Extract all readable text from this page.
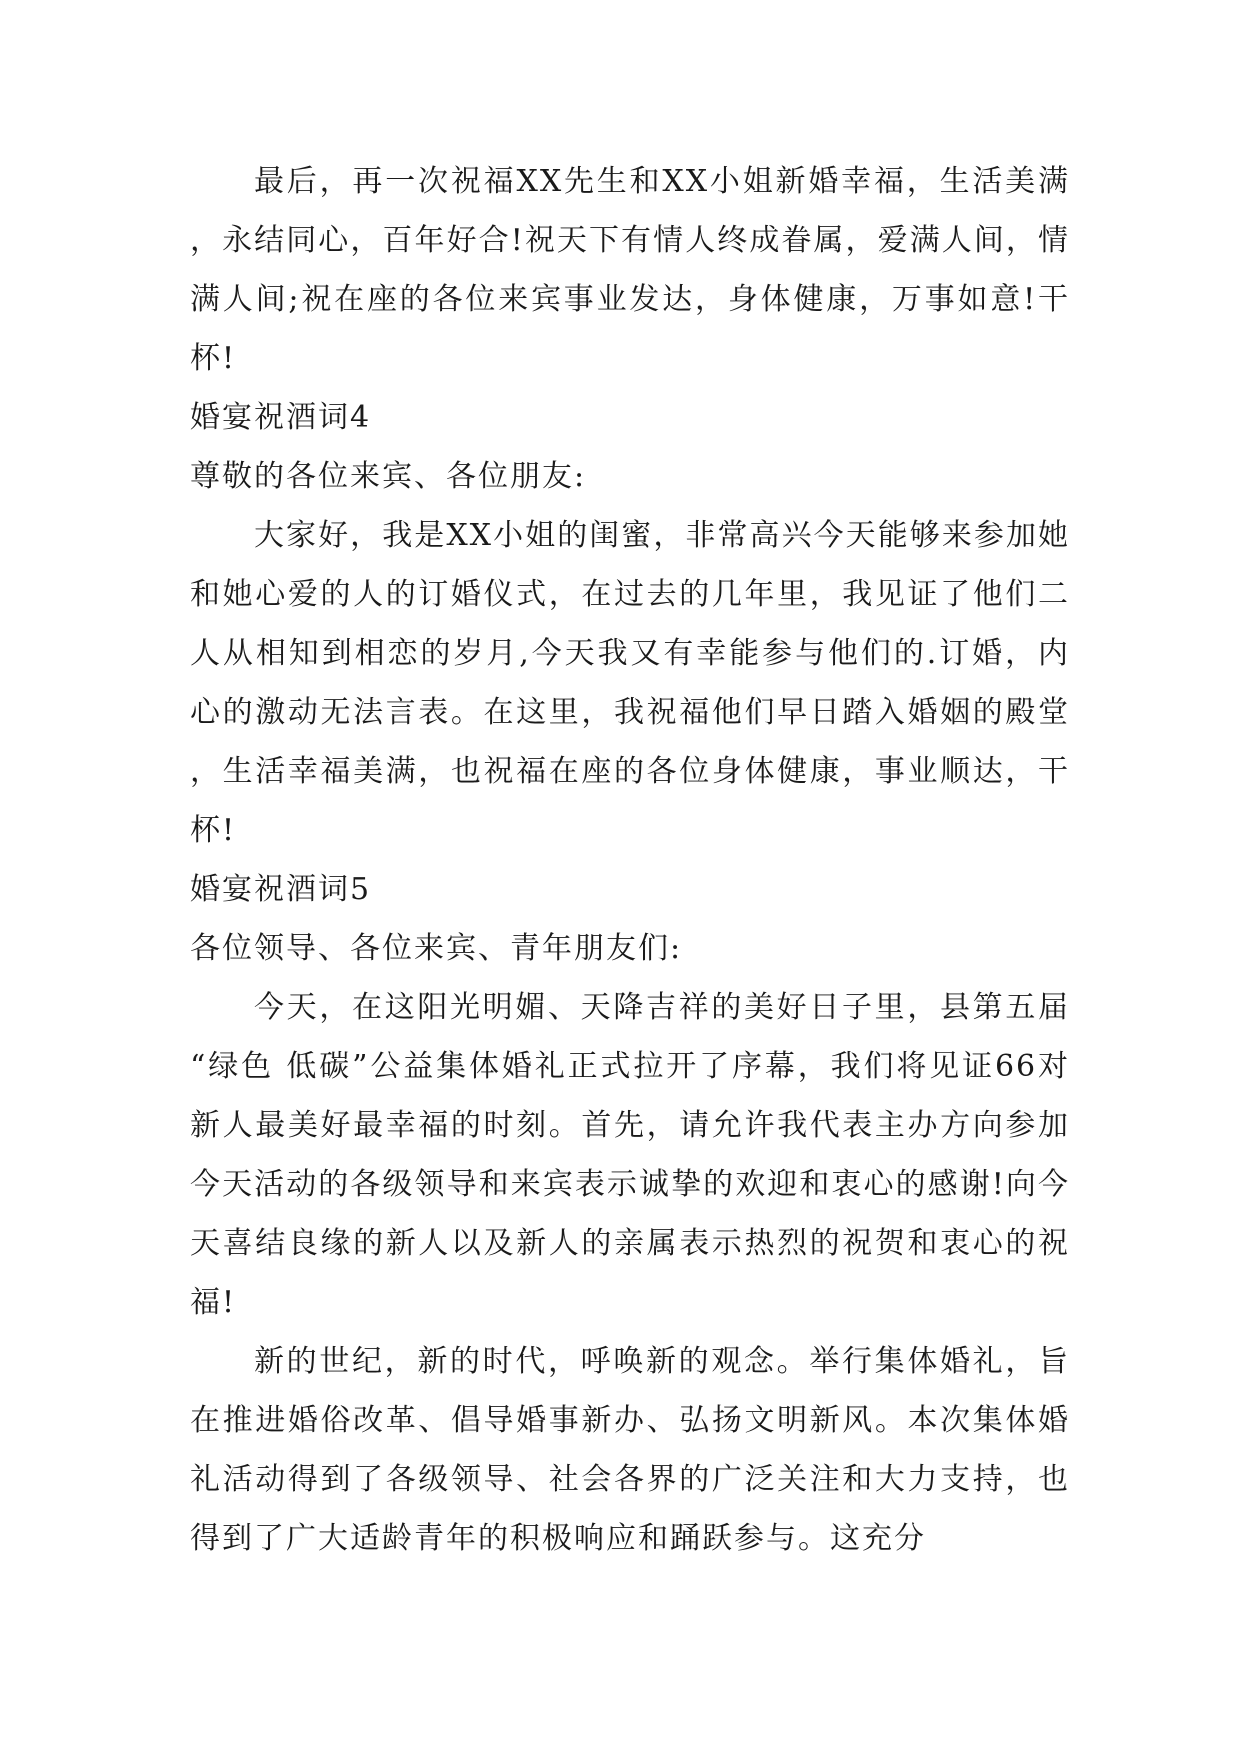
最后，再一次祝福XX先生和XX小姐新婚幸福，生活美满，永结同心，百年好合!祝天下有情人终成眷属，爱满人间，情满人间;祝在座的各位来宾事业发达，身体健康，万事如意!干杯!

婚宴祝酒词4

尊敬的各位来宾、各位朋友:

大家好，我是XX小姐的闺蜜，非常高兴今天能够来参加她和她心爱的人的订婚仪式，在过去的几年里，我见证了他们二人从相知到相恋的岁月,今天我又有幸能参与他们的.订婚，内心的激动无法言表。在这里，我祝福他们早日踏入婚姻的殿堂，生活幸福美满，也祝福在座的各位身体健康，事业顺达，干杯!

婚宴祝酒词5

各位领导、各位来宾、青年朋友们:

今天，在这阳光明媚、天降吉祥的美好日子里，县第五届“绿色 低碳”公益集体婚礼正式拉开了序幕，我们将见证66对新人最美好最幸福的时刻。首先，请允许我代表主办方向参加今天活动的各级领导和来宾表示诚挚的欢迎和衷心的感谢!向今天喜结良缘的新人以及新人的亲属表示热烈的祝贺和衷心的祝福!

新的世纪，新的时代，呼唤新的观念。举行集体婚礼，旨在推进婚俗改革、倡导婚事新办、弘扬文明新风。本次集体婚礼活动得到了各级领导、社会各界的广泛关注和大力支持，也得到了广大适龄青年的积极响应和踊跃参与。这充分
